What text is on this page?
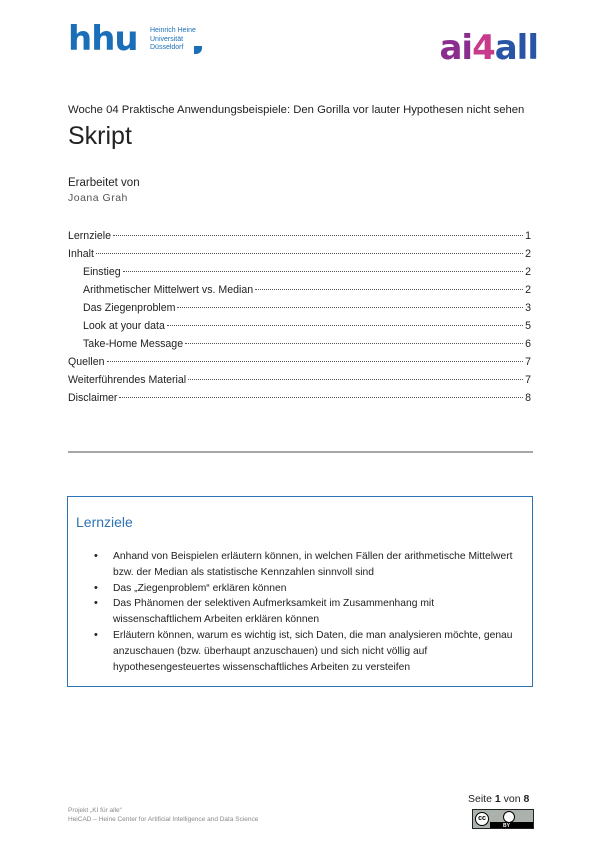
hhu Heinrich Heine
Universität
Düsseldorf	ai4all
Woche 04 Praktische Anwendungsbeispiele: Den Gorilla vor lauter Hypothesen nicht sehen
Skript
Erarbeitet von
Joana Grah
Lernziele	1
Inhalt	2
Einstieg	2
Arithmetischer Mittelwert vs. Median	2
Das Ziegenproblem	3
Look at your data	5
Take-Home Message	6
Quellen	7
Weiterführendes Material	7
Disclaimer	8
Lernziele
• Anhand von Beispielen erläutern können, in welchen Fällen der arithmetische Mittelwert bzw. der Median als statistische Kennzahlen sinnvoll sind
• Das „Ziegenproblem“ erklären können
• Das Phänomen der selektiven Aufmerksamkeit im Zusammenhang mit wissenschaftlichem Arbeiten erklären können
• Erläutern können, warum es wichtig ist, sich Daten, die man analysieren möchte, genau anzuschauen (bzw. überhaupt anzuschauen) und sich nicht völlig auf hypothesengesteuertes wissenschaftliches Arbeiten zu versteifen
Projekt „KI für alle“
HeiCAD – Heine Center for Artificial Intelligence and Data Science
Seite 1 von 8
cc
BY
